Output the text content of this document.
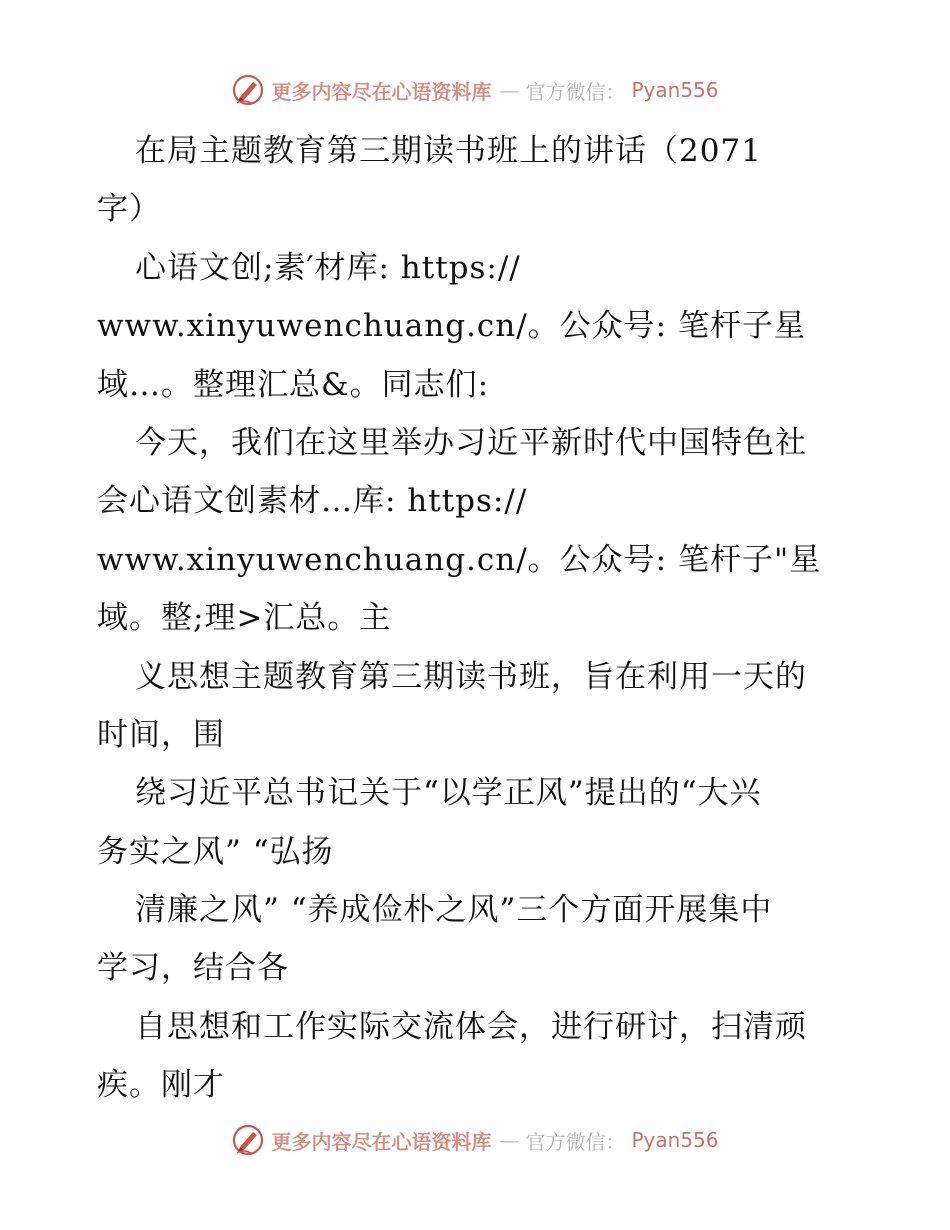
更多内容尽在心语资料库 — 官方微信： Pyan556
在局主题教育第三期读书班上的讲话（2071
字）
心语文创;素′材库: https://
www.xinyuwenchuang.cn/。公众号: 笔杆子星
域…。整理汇总&。同志们:
今天，我们在这里举办习近平新时代中国特色社
会心语文创素材…库: https://
www.xinyuwenchuang.cn/。公众号: 笔杆子"星
域。整;理>汇总。主
义思想主题教育第三期读书班，旨在利用一天的
时间，围
绕习近平总书记关于“以学正风”提出的“大兴
务实之风” “弘扬
清廉之风” “养成俭朴之风”三个方面开展集中
学习，结合各
自思想和工作实际交流体会，进行研讨，扫清顽
疾。刚才
更多内容尽在心语资料库 — 官方微信： Pyan556
